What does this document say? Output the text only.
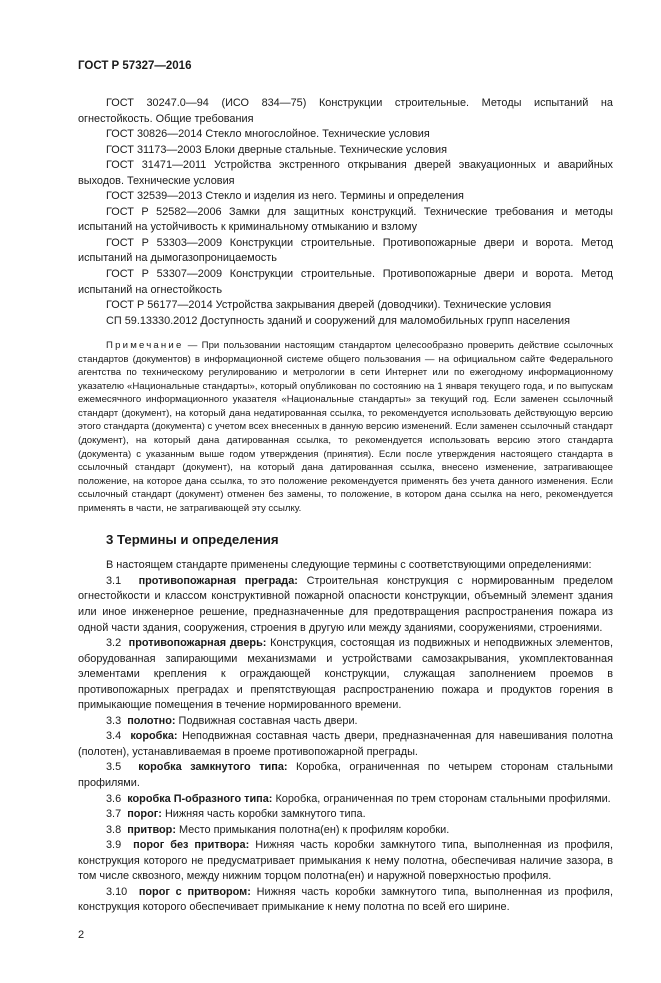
ГОСТ Р 57327—2016

ГОСТ 30247.0—94 (ИСО 834—75) Конструкции строительные. Методы испытаний на огнестойкость. Общие требования

ГОСТ 30826—2014 Стекло многослойное. Технические условия

ГОСТ 31173—2003 Блоки дверные стальные. Технические условия

ГОСТ 31471—2011 Устройства экстренного открывания дверей эвакуационных и аварийных выходов. Технические условия

ГОСТ 32539—2013 Стекло и изделия из него. Термины и определения

ГОСТ Р 52582—2006 Замки для защитных конструкций. Технические требования и методы испытаний на устойчивость к криминальному отмыканию и взлому

ГОСТ Р 53303—2009 Конструкции строительные. Противопожарные двери и ворота. Метод испытаний на дымогазопроницаемость

ГОСТ Р 53307—2009 Конструкции строительные. Противопожарные двери и ворота. Метод испытаний на огнестойкость

ГОСТ Р 56177—2014 Устройства закрывания дверей (доводчики). Технические условия

СП 59.13330.2012 Доступность зданий и сооружений для маломобильных групп населения

Примечание — При пользовании настоящим стандартом целесообразно проверить действие ссылочных стандартов (документов) в информационной системе общего пользования — на официальном сайте Федерального агентства по техническому регулированию и метрологии в сети Интернет или по ежегодному информационному указателю «Национальные стандарты», который опубликован по состоянию на 1 января текущего года, и по выпускам ежемесячного информационного указателя «Национальные стандарты» за текущий год. Если заменен ссылочный стандарт (документ), на который дана недатированная ссылка, то рекомендуется использовать действующую версию этого стандарта (документа) с учетом всех внесенных в данную версию изменений. Если заменен ссылочный стандарт (документ), на который дана датированная ссылка, то рекомендуется использовать версию этого стандарта (документа) с указанным выше годом утверждения (принятия). Если после утверждения настоящего стандарта в ссылочный стандарт (документ), на который дана датированная ссылка, внесено изменение, затрагивающее положение, на которое дана ссылка, то это положение рекомендуется применять без учета данного изменения. Если ссылочный стандарт (документ) отменен без замены, то положение, в котором дана ссылка на него, рекомендуется применять в части, не затрагивающей эту ссылку.

3 Термины и определения

В настоящем стандарте применены следующие термины с соответствующими определениями:

3.1 противопожарная преграда: Строительная конструкция с нормированным пределом огнестойкости и классом конструктивной пожарной опасности конструкции, объемный элемент здания или иное инженерное решение, предназначенные для предотвращения распространения пожара из одной части здания, сооружения, строения в другую или между зданиями, сооружениями, строениями.

3.2 противопожарная дверь: Конструкция, состоящая из подвижных и неподвижных элементов, оборудованная запирающими механизмами и устройствами самозакрывания, укомплектованная элементами крепления к ограждающей конструкции, служащая заполнением проемов в противопожарных преградах и препятствующая распространению пожара и продуктов горения в примыкающие помещения в течение нормированного времени.

3.3 полотно: Подвижная составная часть двери.

3.4 коробка: Неподвижная составная часть двери, предназначенная для навешивания полотна (полотен), устанавливаемая в проеме противопожарной преграды.

3.5 коробка замкнутого типа: Коробка, ограниченная по четырем сторонам стальными профилями.

3.6 коробка П-образного типа: Коробка, ограниченная по трем сторонам стальными профилями.

3.7 порог: Нижняя часть коробки замкнутого типа.

3.8 притвор: Место примыкания полотна(ен) к профилям коробки.

3.9 порог без притвора: Нижняя часть коробки замкнутого типа, выполненная из профиля, конструкция которого не предусматривает примыкания к нему полотна, обеспечивая наличие зазора, в том числе сквозного, между нижним торцом полотна(ен) и наружной поверхностью профиля.

3.10 порог с притвором: Нижняя часть коробки замкнутого типа, выполненная из профиля, конструкция которого обеспечивает примыкание к нему полотна по всей его ширине.

2
